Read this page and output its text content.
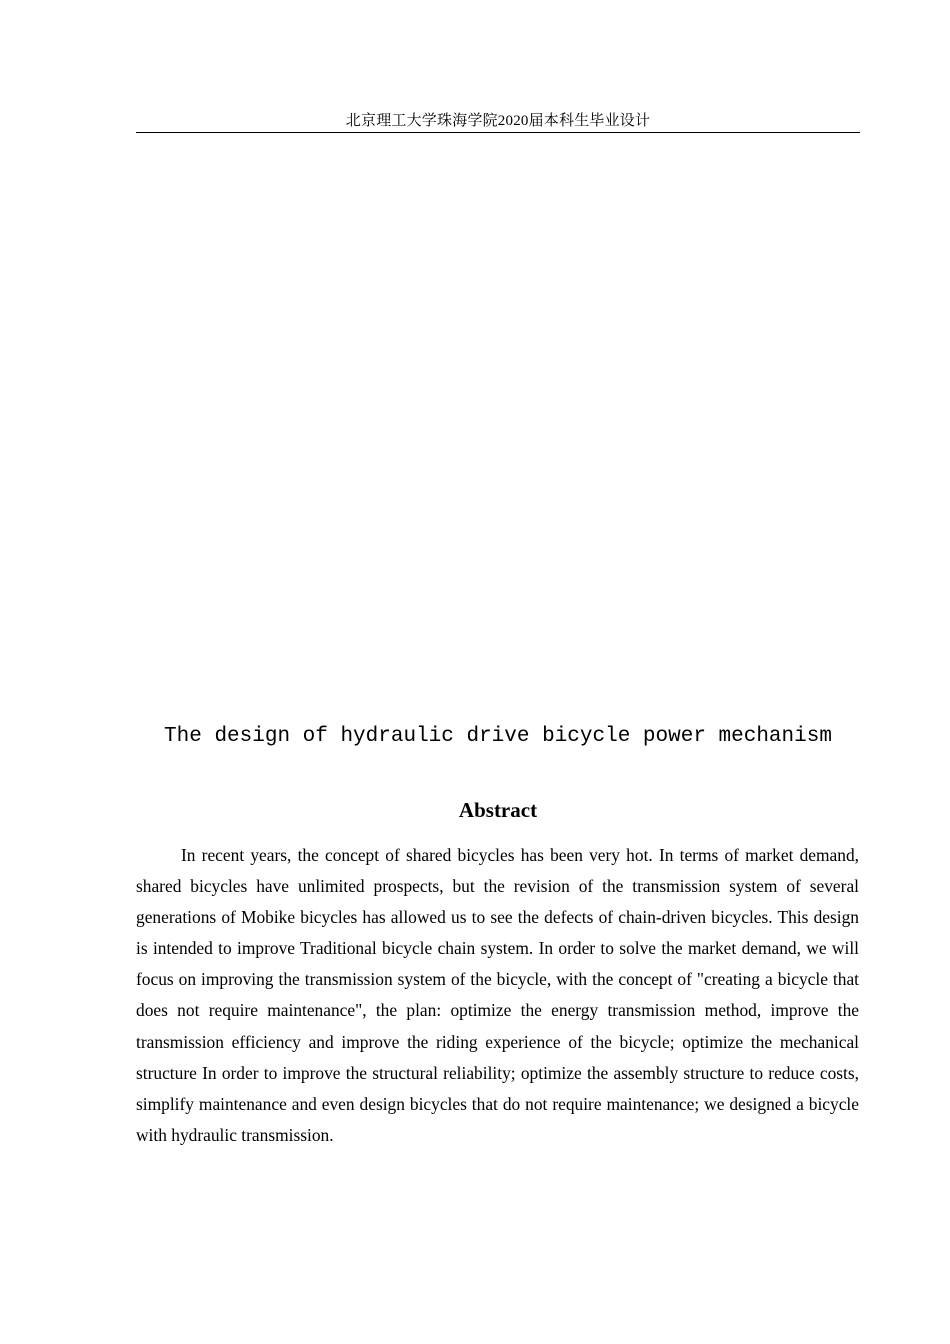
北京理工大学珠海学院2020届本科生毕业设计
The design of hydraulic drive bicycle power mechanism
Abstract

In recent years, the concept of shared bicycles has been very hot. In terms of market demand, shared bicycles have unlimited prospects, but the revision of the transmission system of several generations of Mobike bicycles has allowed us to see the defects of chain-driven bicycles. This design is intended to improve Traditional bicycle chain system. In order to solve the market demand, we will focus on improving the transmission system of the bicycle, with the concept of "creating a bicycle that does not require maintenance", the plan: optimize the energy transmission method, improve the transmission efficiency and improve the riding experience of the bicycle; optimize the mechanical structure In order to improve the structural reliability; optimize the assembly structure to reduce costs, simplify maintenance and even design bicycles that do not require maintenance; we designed a bicycle with hydraulic transmission.
